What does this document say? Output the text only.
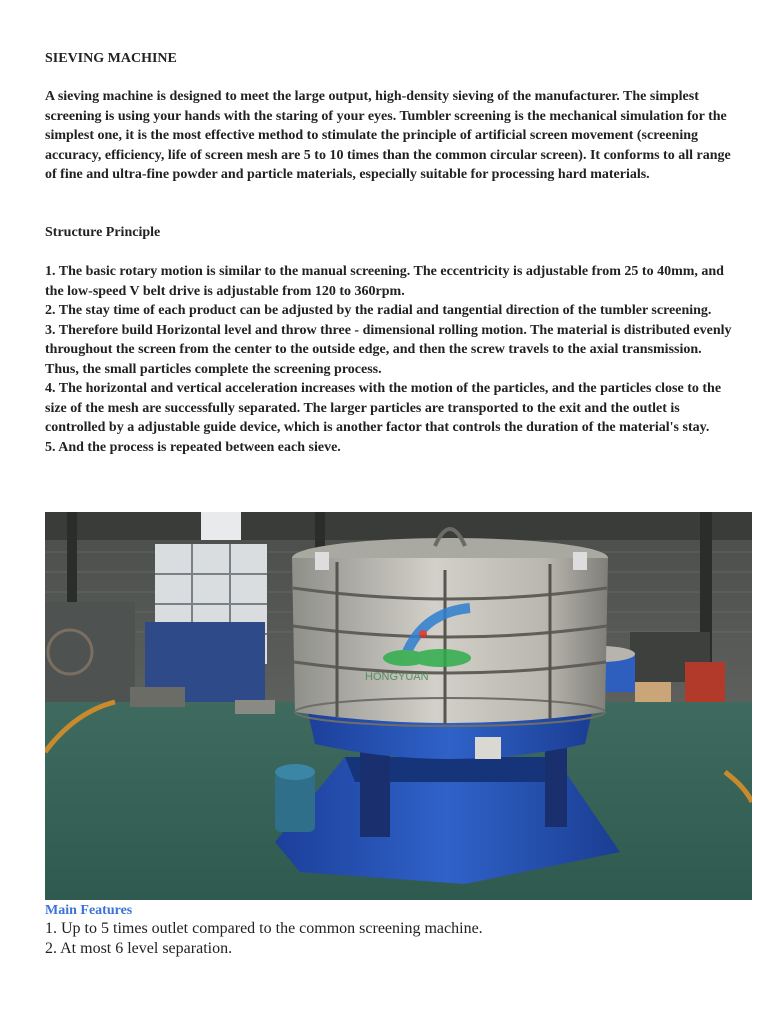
SIEVING MACHINE

A sieving machine is designed to meet the large output, high-density sieving of the manufacturer. The simplest screening is using your hands with the staring of your eyes. Tumbler screening is the mechanical simulation for the simplest one, it is the most effective method to stimulate the principle of artificial screen movement (screening accuracy, efficiency, life of screen mesh are 5 to 10 times than the common circular screen). It conforms to all range of fine and ultra-fine powder and particle materials, especially suitable for processing hard materials.

Structure Principle

1. The basic rotary motion is similar to the manual screening. The eccentricity is adjustable from 25 to 40mm, and the low-speed V belt drive is adjustable from 120 to 360rpm.

2. The stay time of each product can be adjusted by the radial and tangential direction of the tumbler screening.

3. Therefore build Horizontal level and throw three - dimensional rolling motion. The material is distributed evenly throughout the screen from the center to the outside edge, and then the screw travels to the axial transmission. Thus, the small particles complete the screening process.

4. The horizontal and vertical acceleration increases with the motion of the particles, and the particles close to the size of the mesh are successfully separated. The larger particles are transported to the exit and the outlet is controlled by a adjustable guide device, which is another factor that controls the duration of the material's stay.

5. And the process is repeated between each sieve.

HONGYUAN

Main Features

1. Up to 5 times outlet compared to the common screening machine.

2. At most 6 level separation.
